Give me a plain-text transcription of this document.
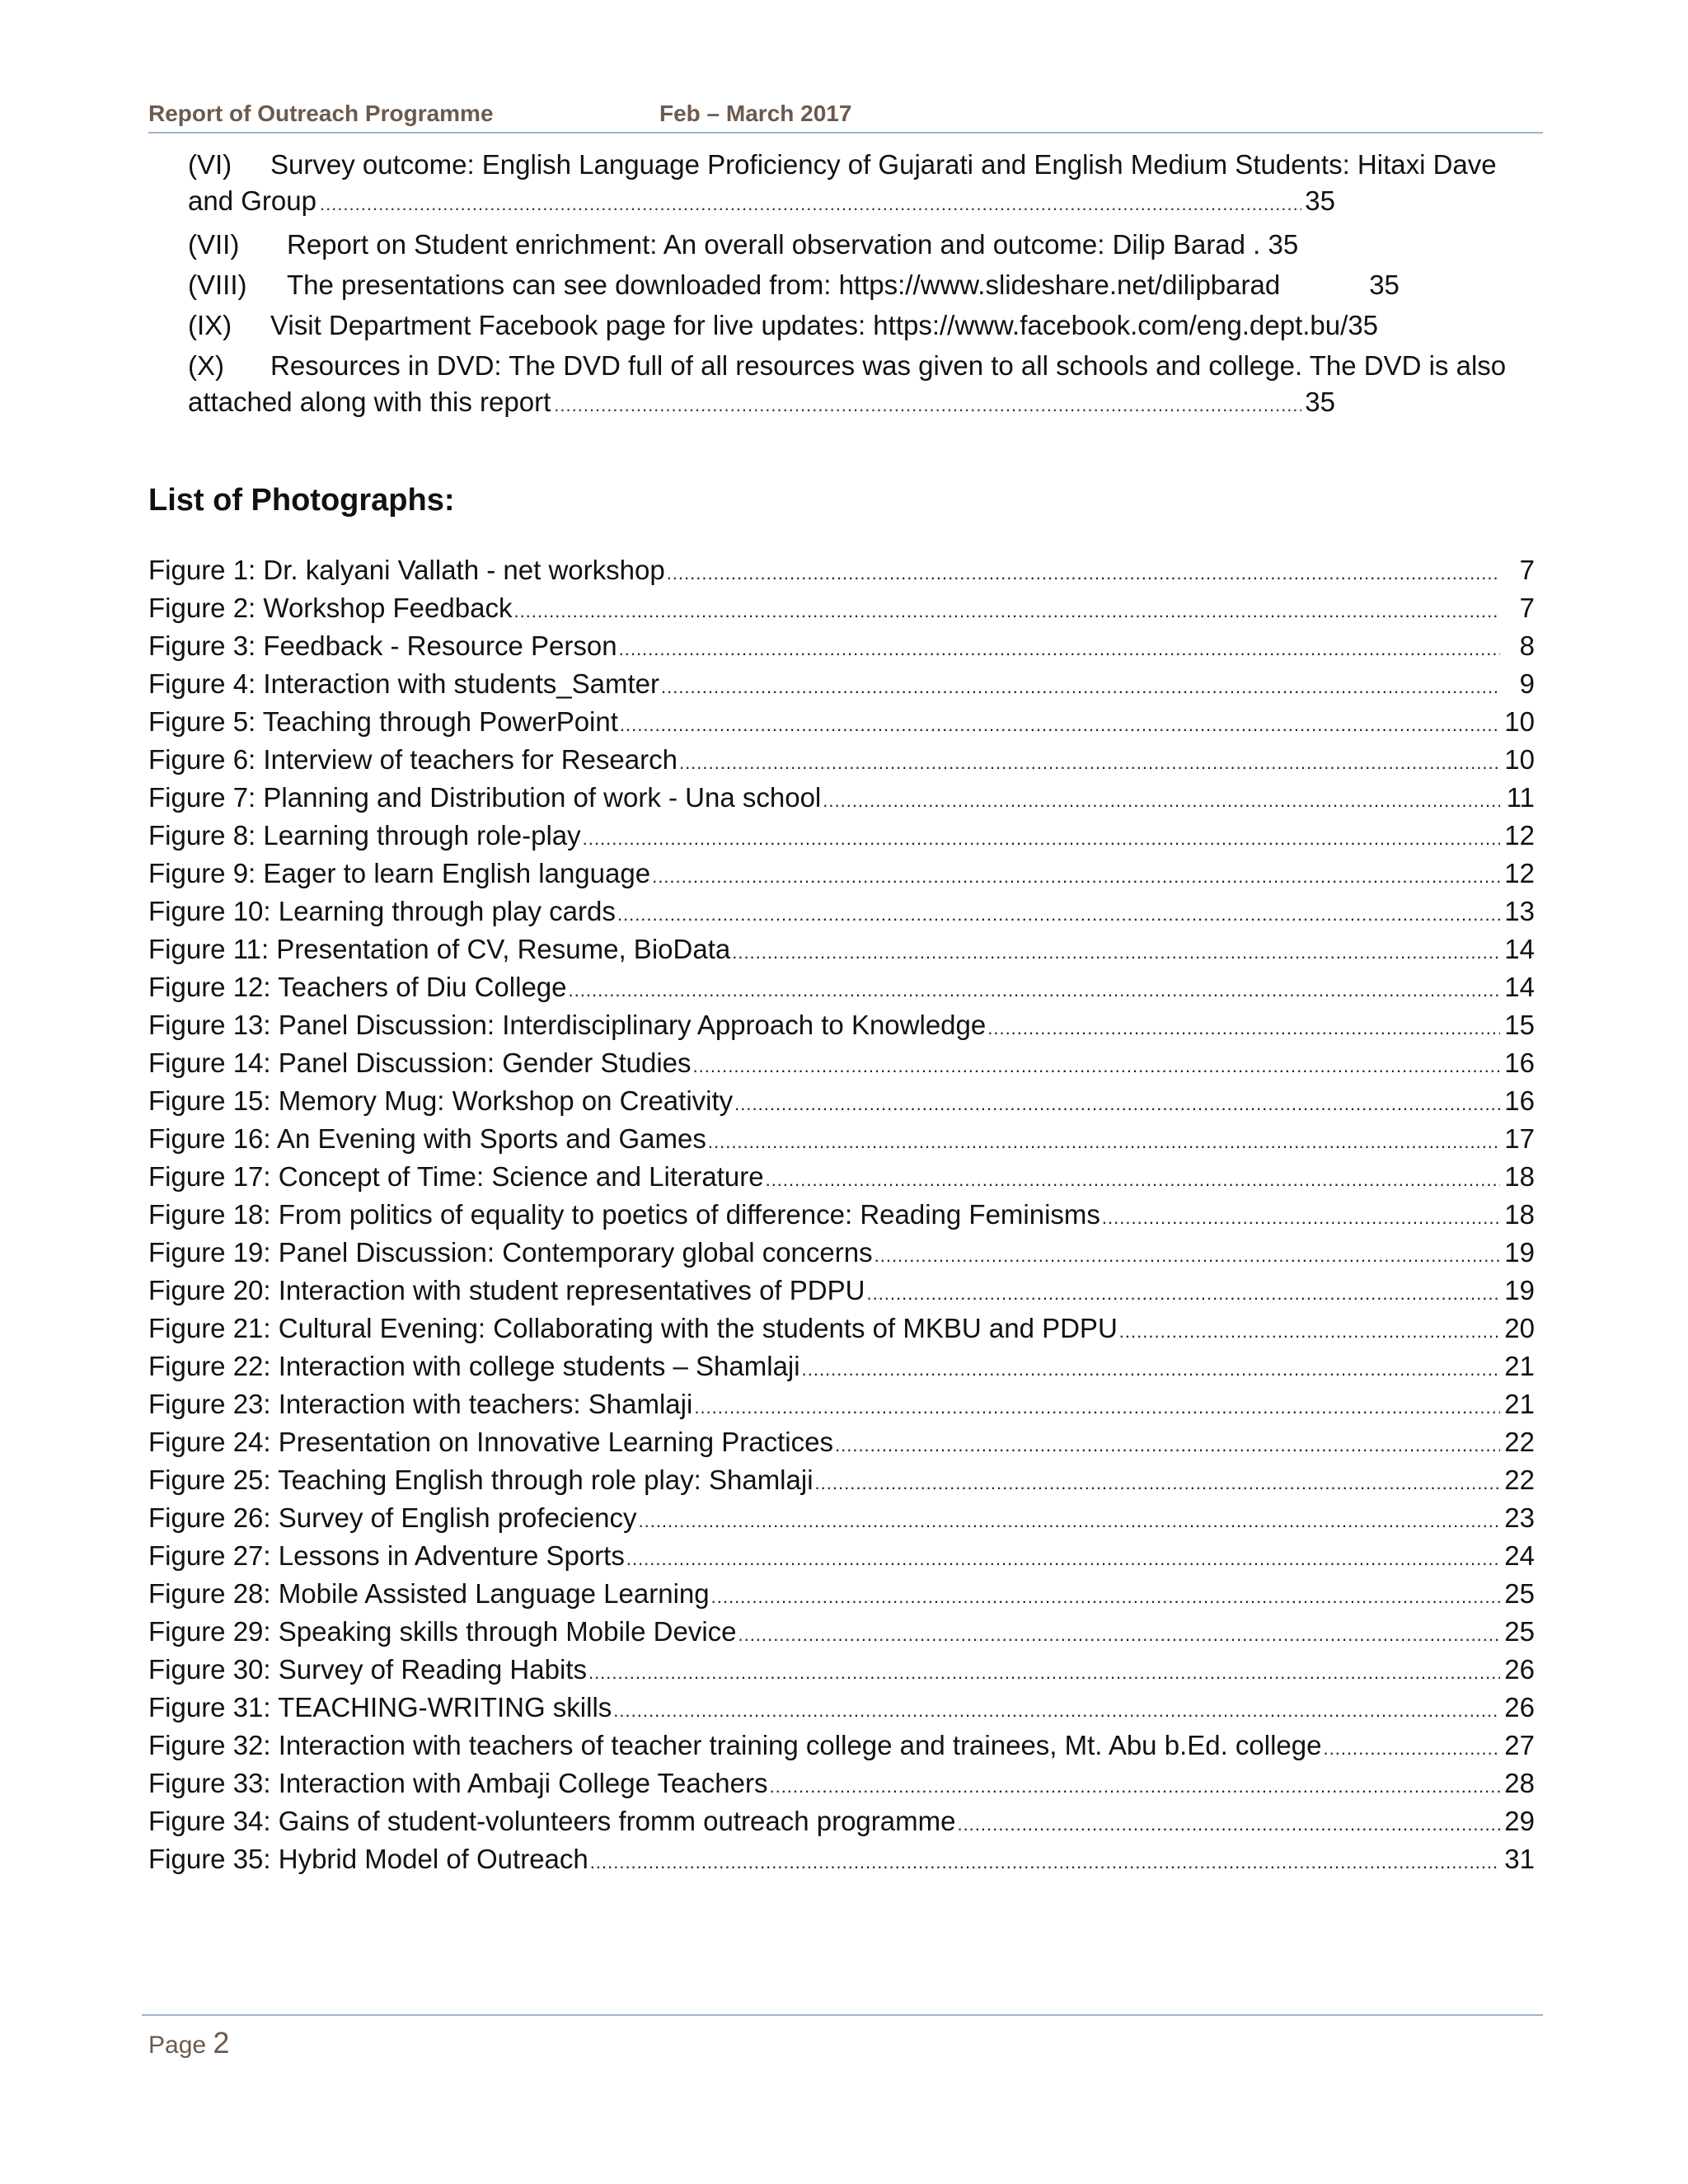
Report of Outreach Programme	Feb – March 2017
(VI) Survey outcome: English Language Proficiency of Gujarati and English Medium Students: Hitaxi Dave
and Group .....	35
(VII) Report on Student enrichment: An overall observation and outcome: Dilip Barad . 35
(VIII) The presentations can see downloaded from: https://www.slideshare.net/dilipbarad	35
(IX) Visit Department Facebook page for live updates: https://www.facebook.com/eng.dept.bu/35
(X) Resources in DVD: The DVD full of all resources was given to all schools and college. The DVD is also
attached along with this report .....	35
List of Photographs:
Figure 1: Dr. kalyani Vallath - net workshop .....	7
Figure 2: Workshop Feedback .....	7
Figure 3: Feedback - Resource Person .....	8
Figure 4: Interaction with students_Samter .....	9
Figure 5: Teaching through PowerPoint .....	10
Figure 6: Interview of teachers for Research .....	10
Figure 7: Planning and Distribution of work - Una school .....	11
Figure 8: Learning through role-play .....	12
Figure 9: Eager to learn English language .....	12
Figure 10: Learning through play cards .....	13
Figure 11: Presentation of CV, Resume, BioData .....	14
Figure 12: Teachers of Diu College .....	14
Figure 13: Panel Discussion: Interdisciplinary Approach to Knowledge .....	15
Figure 14: Panel Discussion: Gender Studies .....	16
Figure 15: Memory Mug: Workshop on Creativity .....	16
Figure 16: An Evening with Sports and Games .....	17
Figure 17: Concept of Time: Science and Literature .....	18
Figure 18: From politics of equality to poetics of difference: Reading Feminisms .....	18
Figure 19: Panel Discussion: Contemporary global concerns .....	19
Figure 20: Interaction with student representatives of PDPU .....	19
Figure 21: Cultural Evening: Collaborating with the students of MKBU and PDPU .....	20
Figure 22: Interaction with college students – Shamlaji .....	21
Figure 23: Interaction with teachers: Shamlaji .....	21
Figure 24: Presentation on Innovative Learning Practices .....	22
Figure 25: Teaching English through role play: Shamlaji .....	22
Figure 26: Survey of English profeciency .....	23
Figure 27: Lessons in Adventure Sports .....	24
Figure 28: Mobile Assisted Language Learning .....	25
Figure 29: Speaking skills through Mobile Device .....	25
Figure 30: Survey of Reading Habits .....	26
Figure 31: TEACHING-WRITING skills .....	26
Figure 32: Interaction with teachers of teacher training college and trainees, Mt. Abu b.Ed. college .....	27
Figure 33: Interaction with Ambaji College Teachers .....	28
Figure 34: Gains of student-volunteers fromm outreach programme .....	29
Figure 35: Hybrid Model of Outreach .....	31
Page 2
